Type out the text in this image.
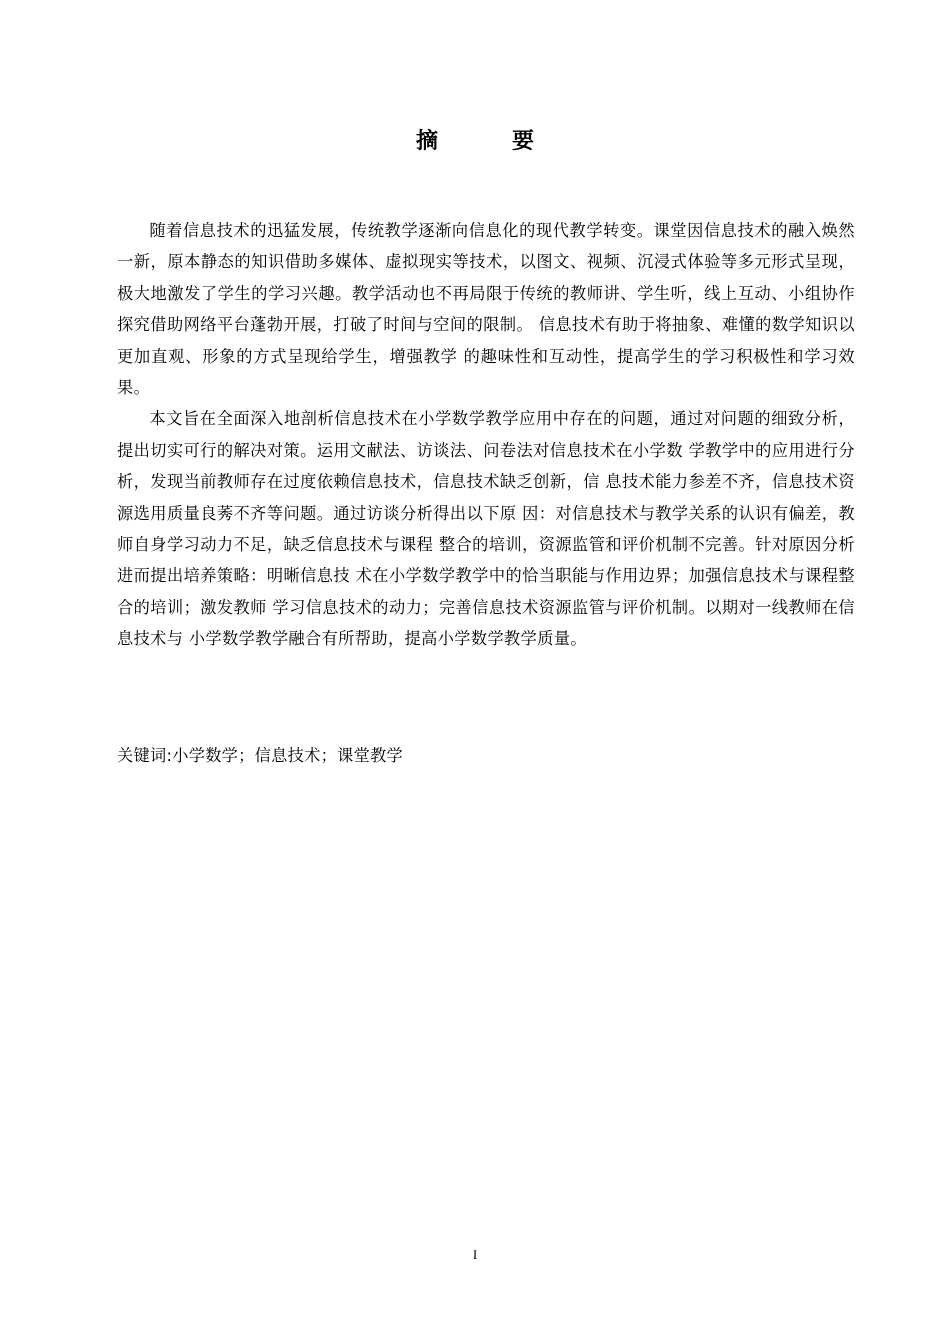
摘　要

随着信息技术的迅猛发展，传统教学逐渐向信息化的现代教学转变。课堂因信息技术的融入焕然一新，原本静态的知识借助多媒体、虚拟现实等技术，以图文、视频、沉浸式体验等多元形式呈现，极大地激发了学生的学习兴趣。教学活动也不再局限于传统的教师讲、学生听，线上互动、小组协作探究借助网络平台蓬勃开展，打破了时间与空间的限制。 信息技术有助于将抽象、难懂的数学知识以更加直观、形象的方式呈现给学生，增强教学 的趣味性和互动性，提高学生的学习积极性和学习效果。

本文旨在全面深入地剖析信息技术在小学数学教学应用中存在的问题，通过对问题的细致分析，提出切实可行的解决对策。运用文献法、访谈法、问卷法对信息技术在小学数 学教学中的应用进行分析，发现当前教师存在过度依赖信息技术，信息技术缺乏创新，信 息技术能力参差不齐，信息技术资源选用质量良莠不齐等问题。通过访谈分析得出以下原 因：对信息技术与教学关系的认识有偏差，教师自身学习动力不足，缺乏信息技术与课程 整合的培训，资源监管和评价机制不完善。针对原因分析进而提出培养策略：明晰信息技 术在小学数学教学中的恰当职能与作用边界；加强信息技术与课程整合的培训；激发教师 学习信息技术的动力；完善信息技术资源监管与评价机制。以期对一线教师在信息技术与 小学数学教学融合有所帮助，提高小学数学教学质量。

关键词:小学数学；信息技术；课堂教学
I
